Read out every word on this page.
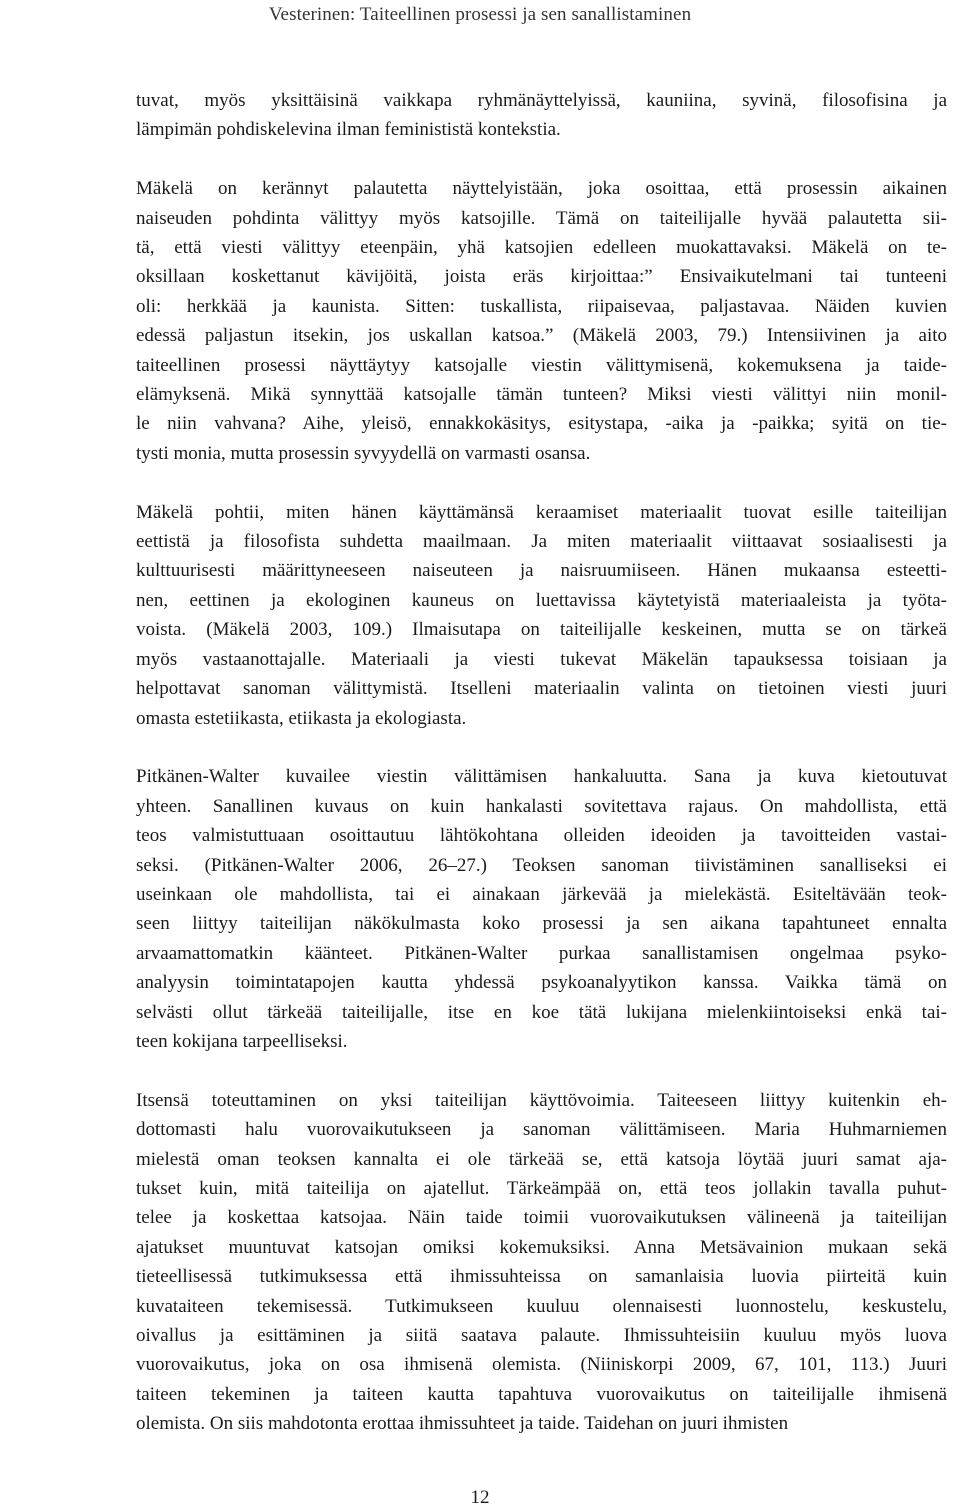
Vesterinen: Taiteellinen prosessi ja sen sanallistaminen

tuvat, myös yksittäisinä vaikkapa ryhmänäyttelyissä, kauniina, syvinä, filosofisina ja
lämpimän pohdiskelevina ilman feminististä kontekstia.

Mäkelä on kerännyt palautetta näyttelyistään, joka osoittaa, että prosessin aikainen
naiseuden pohdinta välittyy myös katsojille. Tämä on taiteilijalle hyvää palautetta sii-
tä, että viesti välittyy eteenpäin, yhä katsojien edelleen muokattavaksi. Mäkelä on te-
oksillaan koskettanut kävijöitä, joista eräs kirjoittaa:” Ensivaikutelmani tai tunteeni
oli: herkkää ja kaunista. Sitten: tuskallista, riipaisevaa, paljastavaa. Näiden kuvien
edessä paljastun itsekin, jos uskallan katsoa.” (Mäkelä 2003, 79.) Intensiivinen ja aito
taiteellinen prosessi näyttäytyy katsojalle viestin välittymisenä, kokemuksena ja taide-
elämyksenä. Mikä synnyttää katsojalle tämän tunteen? Miksi viesti välittyi niin monil-
le niin vahvana? Aihe, yleisö, ennakkokäsitys, esitystapa, -aika ja -paikka; syitä on tie-
tysti monia, mutta prosessin syvyydellä on varmasti osansa.

Mäkelä pohtii, miten hänen käyttämänsä keraamiset materiaalit tuovat esille taiteilijan
eettistä ja filosofista suhdetta maailmaan. Ja miten materiaalit viittaavat sosiaalisesti ja
kulttuurisesti määrittyneeseen naiseuteen ja naisruumiiseen. Hänen mukaansa esteetti-
nen, eettinen ja ekologinen kauneus on luettavissa käytetyistä materiaaleista ja työta-
voista. (Mäkelä 2003, 109.) Ilmaisutapa on taiteilijalle keskeinen, mutta se on tärkeä
myös vastaanottajalle. Materiaali ja viesti tukevat Mäkelän tapauksessa toisiaan ja
helpottavat sanoman välittymistä. Itselleni materiaalin valinta on tietoinen viesti juuri
omasta estetiikasta, etiikasta ja ekologiasta.

Pitkänen-Walter kuvailee viestin välittämisen hankaluutta. Sana ja kuva kietoutuvat
yhteen. Sanallinen kuvaus on kuin hankalasti sovitettava rajaus. On mahdollista, että
teos valmistuttuaan osoittautuu lähtökohtana olleiden ideoiden ja tavoitteiden vastai-
seksi. (Pitkänen-Walter 2006, 26–27.) Teoksen sanoman tiivistäminen sanalliseksi ei
useinkaan ole mahdollista, tai ei ainakaan järkevää ja mielekästä. Esiteltävään teok-
seen liittyy taiteilijan näkökulmasta koko prosessi ja sen aikana tapahtuneet ennalta
arvaamattomatkin käänteet. Pitkänen-Walter purkaa sanallistamisen ongelmaa psyko-
analyysin toimintatapojen kautta yhdessä psykoanalyytikon kanssa. Vaikka tämä on
selvästi ollut tärkeää taiteilijalle, itse en koe tätä lukijana mielenkiintoiseksi enkä tai-
teen kokijana tarpeelliseksi.

Itsensä toteuttaminen on yksi taiteilijan käyttövoimia. Taiteeseen liittyy kuitenkin eh-
dottomasti halu vuorovaikutukseen ja sanoman välittämiseen. Maria Huhmarniemen
mielestä oman teoksen kannalta ei ole tärkeää se, että katsoja löytää juuri samat aja-
tukset kuin, mitä taiteilija on ajatellut. Tärkeämpää on, että teos jollakin tavalla puhut-
telee ja koskettaa katsojaa. Näin taide toimii vuorovaikutuksen välineenä ja taiteilijan
ajatukset muuntuvat katsojan omiksi kokemuksiksi. Anna Metsävainion mukaan sekä
tieteellisessä tutkimuksessa että ihmissuhteissa on samanlaisia luovia piirteitä kuin
kuvataiteen tekemisessä. Tutkimukseen kuuluu olennaisesti luonnostelu, keskustelu,
oivallus ja esittäminen ja siitä saatava palaute. Ihmissuhteisiin kuuluu myös luova
vuorovaikutus, joka on osa ihmisenä olemista. (Niiniskorpi 2009, 67, 101, 113.) Juuri
taiteen tekeminen ja taiteen kautta tapahtuva vuorovaikutus on taiteilijalle ihmisenä
olemista. On siis mahdotonta erottaa ihmissuhteet ja taide. Taidehan on juuri ihmisten

12
